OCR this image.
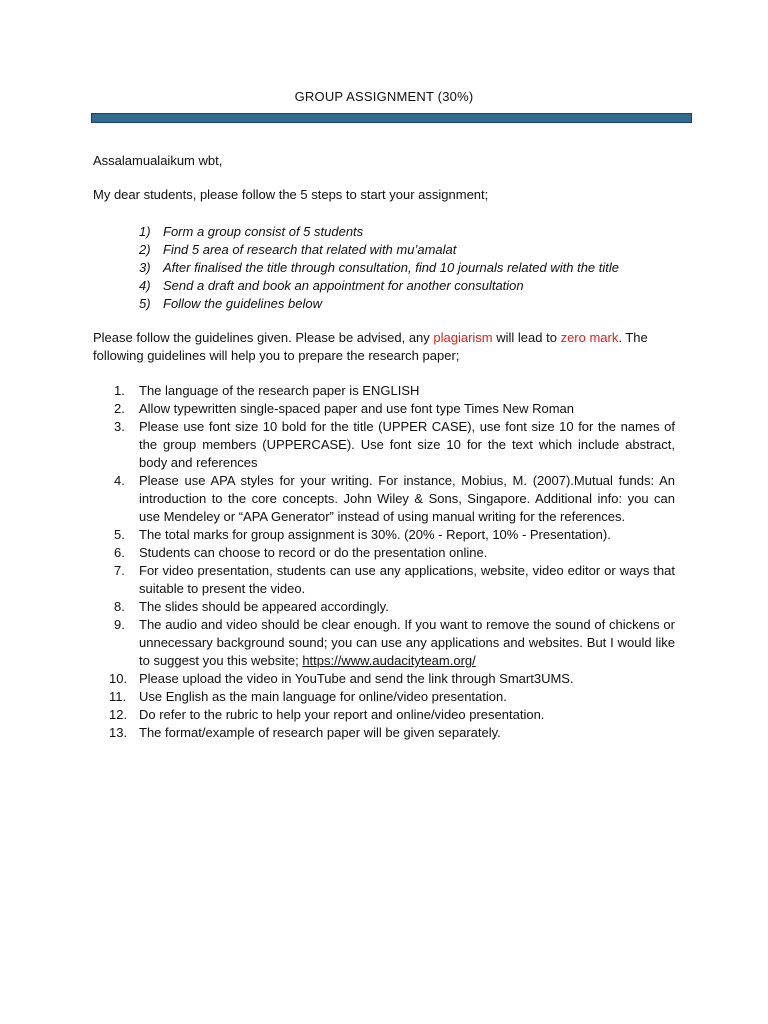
GROUP ASSIGNMENT (30%)
Assalamualaikum wbt,
My dear students, please follow the 5 steps to start your assignment;
1) Form a group consist of 5 students
2) Find 5 area of research that related with mu’amalat
3) After finalised the title through consultation, find 10 journals related with the title
4) Send a draft and book an appointment for another consultation
5) Follow the guidelines below
Please follow the guidelines given. Please be advised, any plagiarism will lead to zero mark. The following guidelines will help you to prepare the research paper;
1.	The language of the research paper is ENGLISH
2.	Allow typewritten single-spaced paper and use font type Times New Roman
3.	Please use font size 10 bold for the title (UPPER CASE), use font size 10 for the names of the group members (UPPERCASE). Use font size 10 for the text which include abstract, body and references
4.	Please use APA styles for your writing. For instance, Mobius, M. (2007).Mutual funds: An introduction to the core concepts. John Wiley & Sons, Singapore. Additional info: you can use Mendeley or “APA Generator” instead of using manual writing for the references.
5.	The total marks for group assignment is 30%. (20% - Report, 10% - Presentation).
6.	Students can choose to record or do the presentation online.
7.	For video presentation, students can use any applications, website, video editor or ways that suitable to present the video.
8.	The slides should be appeared accordingly.
9.	The audio and video should be clear enough. If you want to remove the sound of chickens or unnecessary background sound; you can use any applications and websites. But I would like to suggest you this website; https://www.audacityteam.org/
10. Please upload the video in YouTube and send the link through Smart3UMS.
11. Use English as the main language for online/video presentation.
12. Do refer to the rubric to help your report and online/video presentation.
13. The format/example of research paper will be given separately.
